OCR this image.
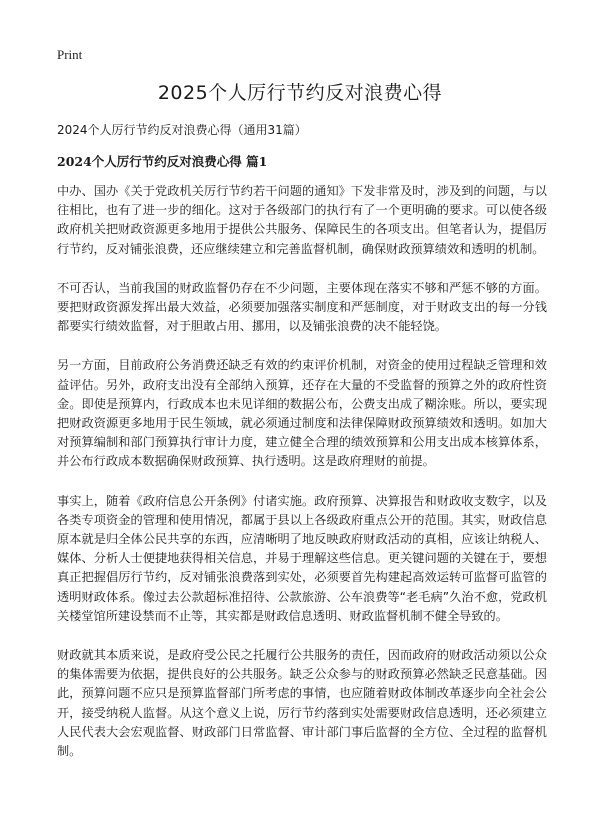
Print
2025个人厉行节约反对浪费心得

2024个人厉行节约反对浪费心得（通用31篇）

2024个人厉行节约反对浪费心得 篇1

中办、国办《关于党政机关厉行节约若干问题的通知》下发非常及时，涉及到的问题，与以往相比，也有了进一步的细化。这对于各级部门的执行有了一个更明确的要求。可以使各级政府机关把财政资源更多地用于提供公共服务、保障民生的各项支出。但笔者认为，提倡厉行节约，反对铺张浪费，还应继续建立和完善监督机制，确保财政预算绩效和透明的机制。

不可否认，当前我国的财政监督仍存在不少问题，主要体现在落实不够和严惩不够的方面。要把财政资源发挥出最大效益，必须要加强落实制度和严惩制度，对于财政支出的每一分钱都要实行绩效监督，对于胆敢占用、挪用，以及铺张浪费的决不能轻饶。

另一方面，目前政府公务消费还缺乏有效的约束评价机制，对资金的使用过程缺乏管理和效益评估。另外，政府支出没有全部纳入预算，还存在大量的不受监督的预算之外的政府性资金。即使是预算内，行政成本也未见详细的数据公布，公费支出成了糊涂账。所以，要实现把财政资源更多地用于民生领域，就必须通过制度和法律保障财政预算绩效和透明。如加大对预算编制和部门预算执行审计力度，建立健全合理的绩效预算和公用支出成本核算体系，并公布行政成本数据确保财政预算、执行透明。这是政府理财的前提。

事实上，随着《政府信息公开条例》付诸实施。政府预算、决算报告和财政收支数字，以及各类专项资金的管理和使用情况，都属于县以上各级政府重点公开的范围。其实，财政信息原本就是归全体公民共享的东西，应清晰明了地反映政府财政活动的真相，应该让纳税人、媒体、分析人士便捷地获得相关信息，并易于理解这些信息。更关键问题的关键在于，要想真正把握倡厉行节约，反对铺张浪费落到实处，必须要首先构建起高效运转可监督可监管的透明财政体系。像过去公款超标准招待、公款旅游、公车浪费等“老毛病”久治不愈，党政机关楼堂馆所建设禁而不止等，其实都是财政信息透明、财政监督机制不健全导致的。

财政就其本质来说，是政府受公民之托履行公共服务的责任，因而政府的财政活动须以公众的集体需要为依据，提供良好的公共服务。缺乏公众参与的财政预算必然缺乏民意基础。因此，预算问题不应只是预算监督部门所考虑的事情，也应随着财政体制改革逐步向全社会公开，接受纳税人监督。从这个意义上说，厉行节约落到实处需要财政信息透明，还必须建立人民代表大会宏观监督、财政部门日常监督、审计部门事后监督的全方位、全过程的监督机制。
